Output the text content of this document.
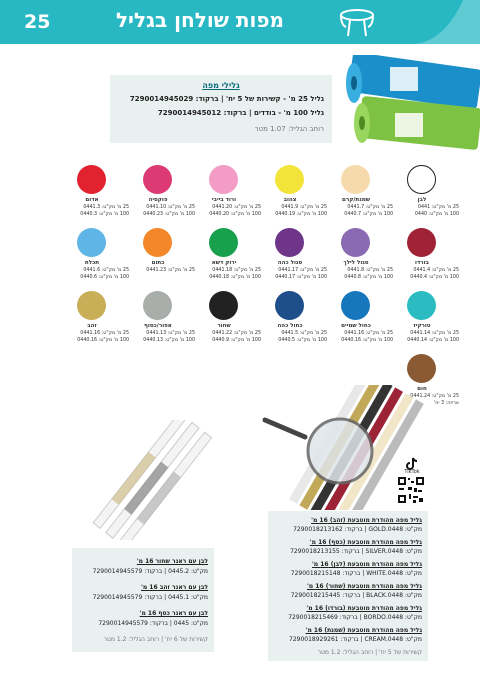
25	מפות שולחן בגליל
גלילי מפה
גליל 25 מ' - קשירות של 5 יח' | ברקוד: 7290014945029
גליל 100 מ' - בודדים | ברקוד: 7290014945012
רוחב הגליל: 1.07 מטר
לבן
25 מ' מק"ט: 0441
100 מ' מק"ט: 0440
שמנת/קרם
25 מ' מק"ט: 0441.7
100 מ' מק"ט: 0440.7
צהוב
25 מ' מק"ט: 0441.9
100 מ' מק"ט: 0440.19
ורוד בייבי
25 מ' מק"ט: 0441.20
100 מ' מק"ט: 0440.20
פוקסיה
25 מ' מק"ט: 0441.10
100 מ' מק"ט: 0440.23
אדום
25 מ' מק"ט: 0441.3
100 מ' מק"ט: 0440.3
בורדו
25 מ' מק"ט: 0441.4
100 מ' מק"ט: 0440.4
סגול לילך
25 מ' מק"ט: 0441.8
100 מ' מק"ט: 0440.8
סגול כהה
25 מ' מק"ט: 0441.17
100 מ' מק"ט: 0440.17
ירוק דשא
25 מ' מק"ט: 0441.18
100 מ' מק"ט: 0440.18
כתום
25 מ' מק"ט: 0441.23
תכלת
25 מ' מק"ט: 0441.6
100 מ' מק"ט: 0440.6
טורקיז
25 מ' מק"ט: 0441.14
100 מ' מק"ט: 0440.14
כחול שמיים
25 מ' מק"ט: 0441.16
100 מ' מק"ט: 0440.16
כחול כהה
25 מ' מק"ט: 0441.5
100 מ' מק"ט: 0440.5
שחור
25 מ' מק"ט: 0441.22
100 מ' מק"ט: 0440.9
אפור/כסוף
25 מ' מק"ט: 0441.13
100 מ' מק"ט: 0440.13
זהב
25 מ' מק"ט: 0441.16
100 מ' מק"ט: 0440.16
חום
25 מ' מק"ט: 0441.24
אריזה: 3 יח'
TikTok
לבן עם ראנר שחור 16 מ'
מק"ט: 0445.2 | ברקוד: 7290014945579
לבן עם ראנר זהב 16 מ'
מק"ט: 0445.1 | ברקוד: 7290014945579
לבן עם ראנר כסף 16 מ'
מק"ט: 0445 | ברקוד: 7290014945579
קשירות של 6 יח' | רוחב הגליל: 1.2 מטר
גליל מפה מהודרת מוטבעת (זהב) 16 מ'
מק"ט: 0448.GOLD | ברקוד: 7290018213162
גליל מפה מהודרת מוטבעת (כסף) 16 מ'
מק"ט: 0448.SILVER | ברקוד: 7290018213155
גליל מפה מהודרת מוטבעת (לבן) 16 מ'
מק"ט: 0448.WHITE | ברקוד: 7290018215148
גליל מפה מהודרת מוטבעת (שחור) 16 מ'
מק"ט: 0448.BLACK | ברקוד: 7290018215445
גליל מפה מהודרת מוטבעת (בורדו) 16 מ'
מק"ט: 0448.BORDO | ברקוד: 7290018215469
גליל מפה מהודרת מוטבעת (שמנת) 16 מ'
מק"ט: 0448.CREAM | ברקוד: 7290018929261
קשירות של 5 יח' | רוחב הגליל: 1.2 מטר
